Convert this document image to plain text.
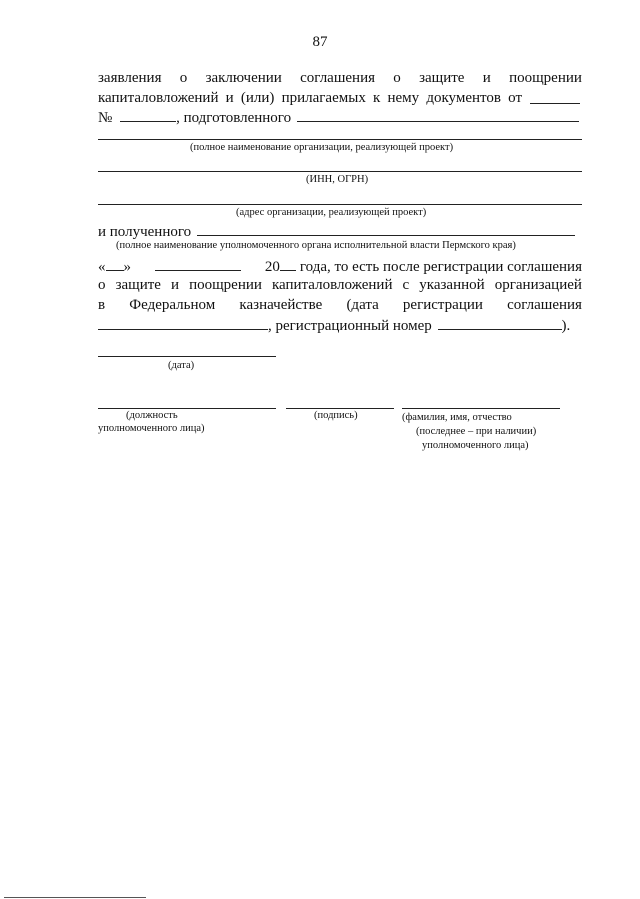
87
заявления о заключении соглашения о защите и поощрении
капиталовложений и (или) прилагаемых к нему документов от
№	, подготовленного
(полное наименование организации, реализующей проект)
(ИНН, ОГРН)
(адрес организации, реализующей проект)
и полученного
(полное наименование уполномоченного органа исполнительной власти Пермского края)
« »	20 года, то есть после регистрации соглашения
о защите и поощрении капиталовложений с указанной организацией
в Федеральном казначействе (дата регистрации соглашения
, регистрационный номер	).
(дата)
(должность
уполномоченного лица)
(подпись)	(фамилия, имя, отчество
(последнее – при наличии)
уполномоченного лица)
